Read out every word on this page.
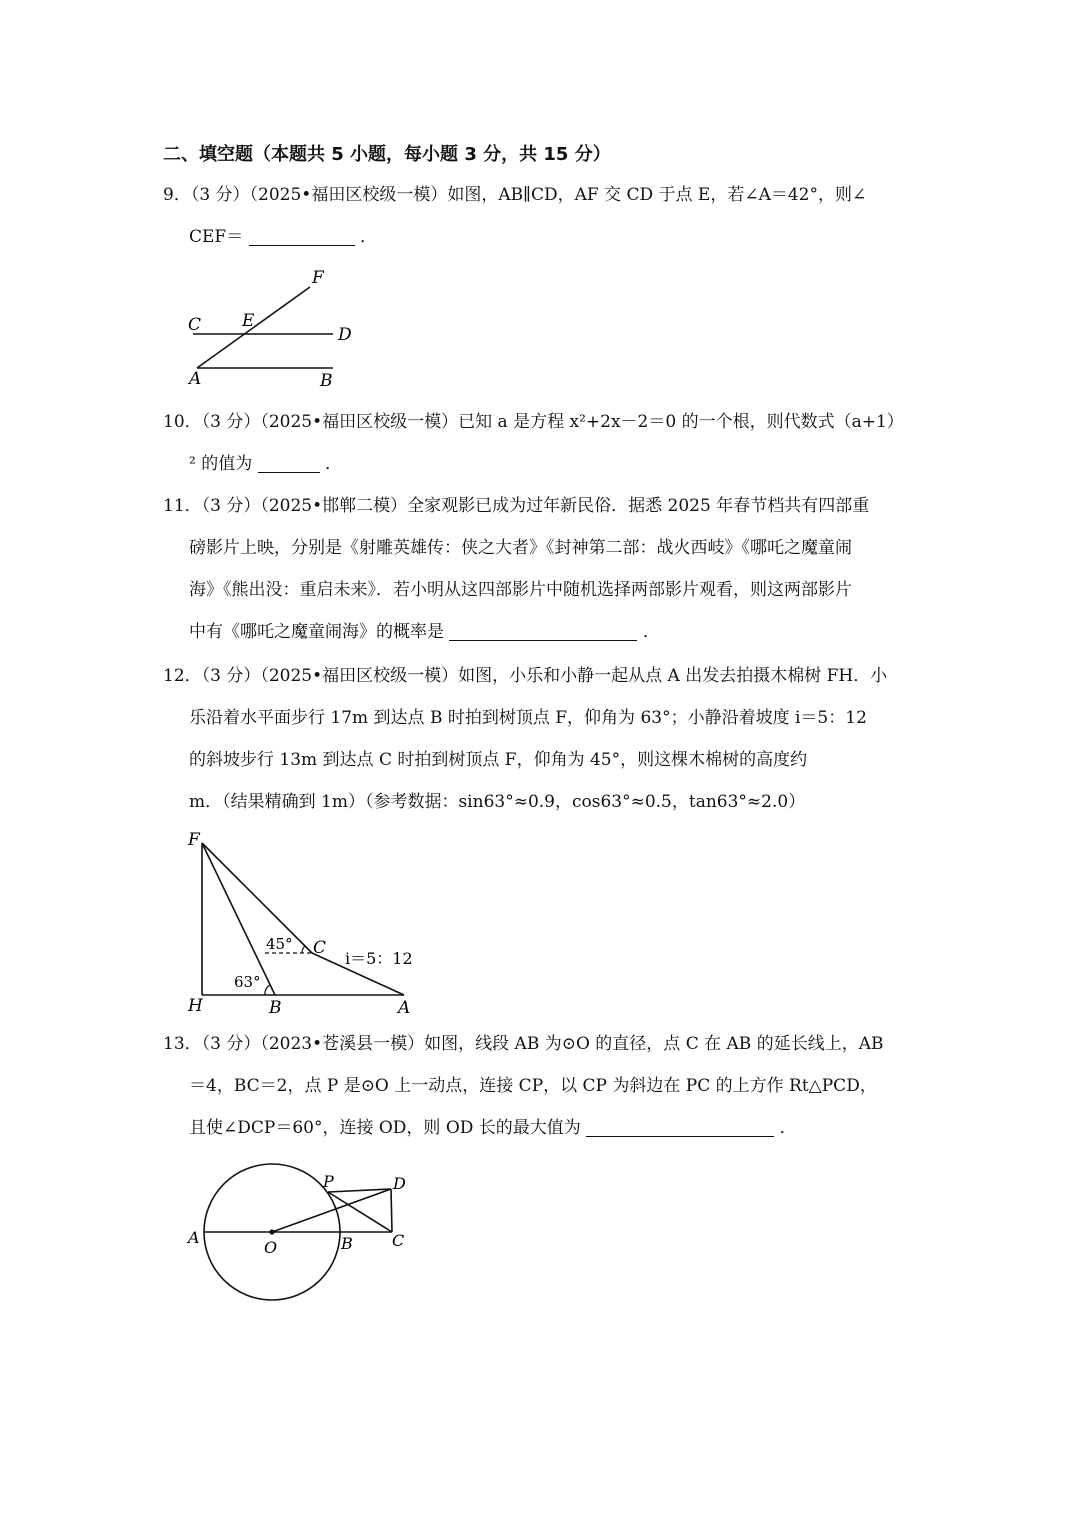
二、填空题（本题共 5 小题，每小题 3 分，共 15 分）
9．（3 分）（2025•福田区校级一模）如图，AB∥CD，AF 交 CD 于点 E，若∠A＝42°，则∠
CEF＝	．
F
C E
D
A	B
10．（3 分）（2025•福田区校级一模）已知 a 是方程 x²+2x－2＝0 的一个根，则代数式（a+1）
² 的值为	．
11．（3 分）（2025•邯郸二模）全家观影已成为过年新民俗．据悉 2025 年春节档共有四部重
磅影片上映，分别是《射雕英雄传：侠之大者》《封神第二部：战火西岐》《哪吒之魔童闹
海》《熊出没：重启未来》．若小明从这四部影片中随机选择两部影片观看，则这两部影片
中有《哪吒之魔童闹海》的概率是	．
12．（3 分）（2025•福田区校级一模）如图，小乐和小静一起从点 A 出发去拍摄木棉树 FH．小
乐沿着水平面步行 17m 到达点 B 时拍到树顶点 F，仰角为 63°；小静沿着坡度 i＝5：12
的斜坡步行 13m 到达点 C 时拍到树顶点 F，仰角为 45°，则这棵木棉树的高度约
m．（结果精确到 1m）（参考数据：sin63°≈0.9，cos63°≈0.5，tan63°≈2.0）
F
H	B	A
C
45°
63°
i＝5：12
13．（3 分）（2023•苍溪县一模）如图，线段 AB 为⊙O 的直径，点 C 在 AB 的延长线上，AB
＝4，BC＝2，点 P 是⊙O 上一动点，连接 CP，以 CP 为斜边在 PC 的上方作 Rt△PCD，
且使∠DCP＝60°，连接 OD，则 OD 长的最大值为	．
A
O	B C
P	D
